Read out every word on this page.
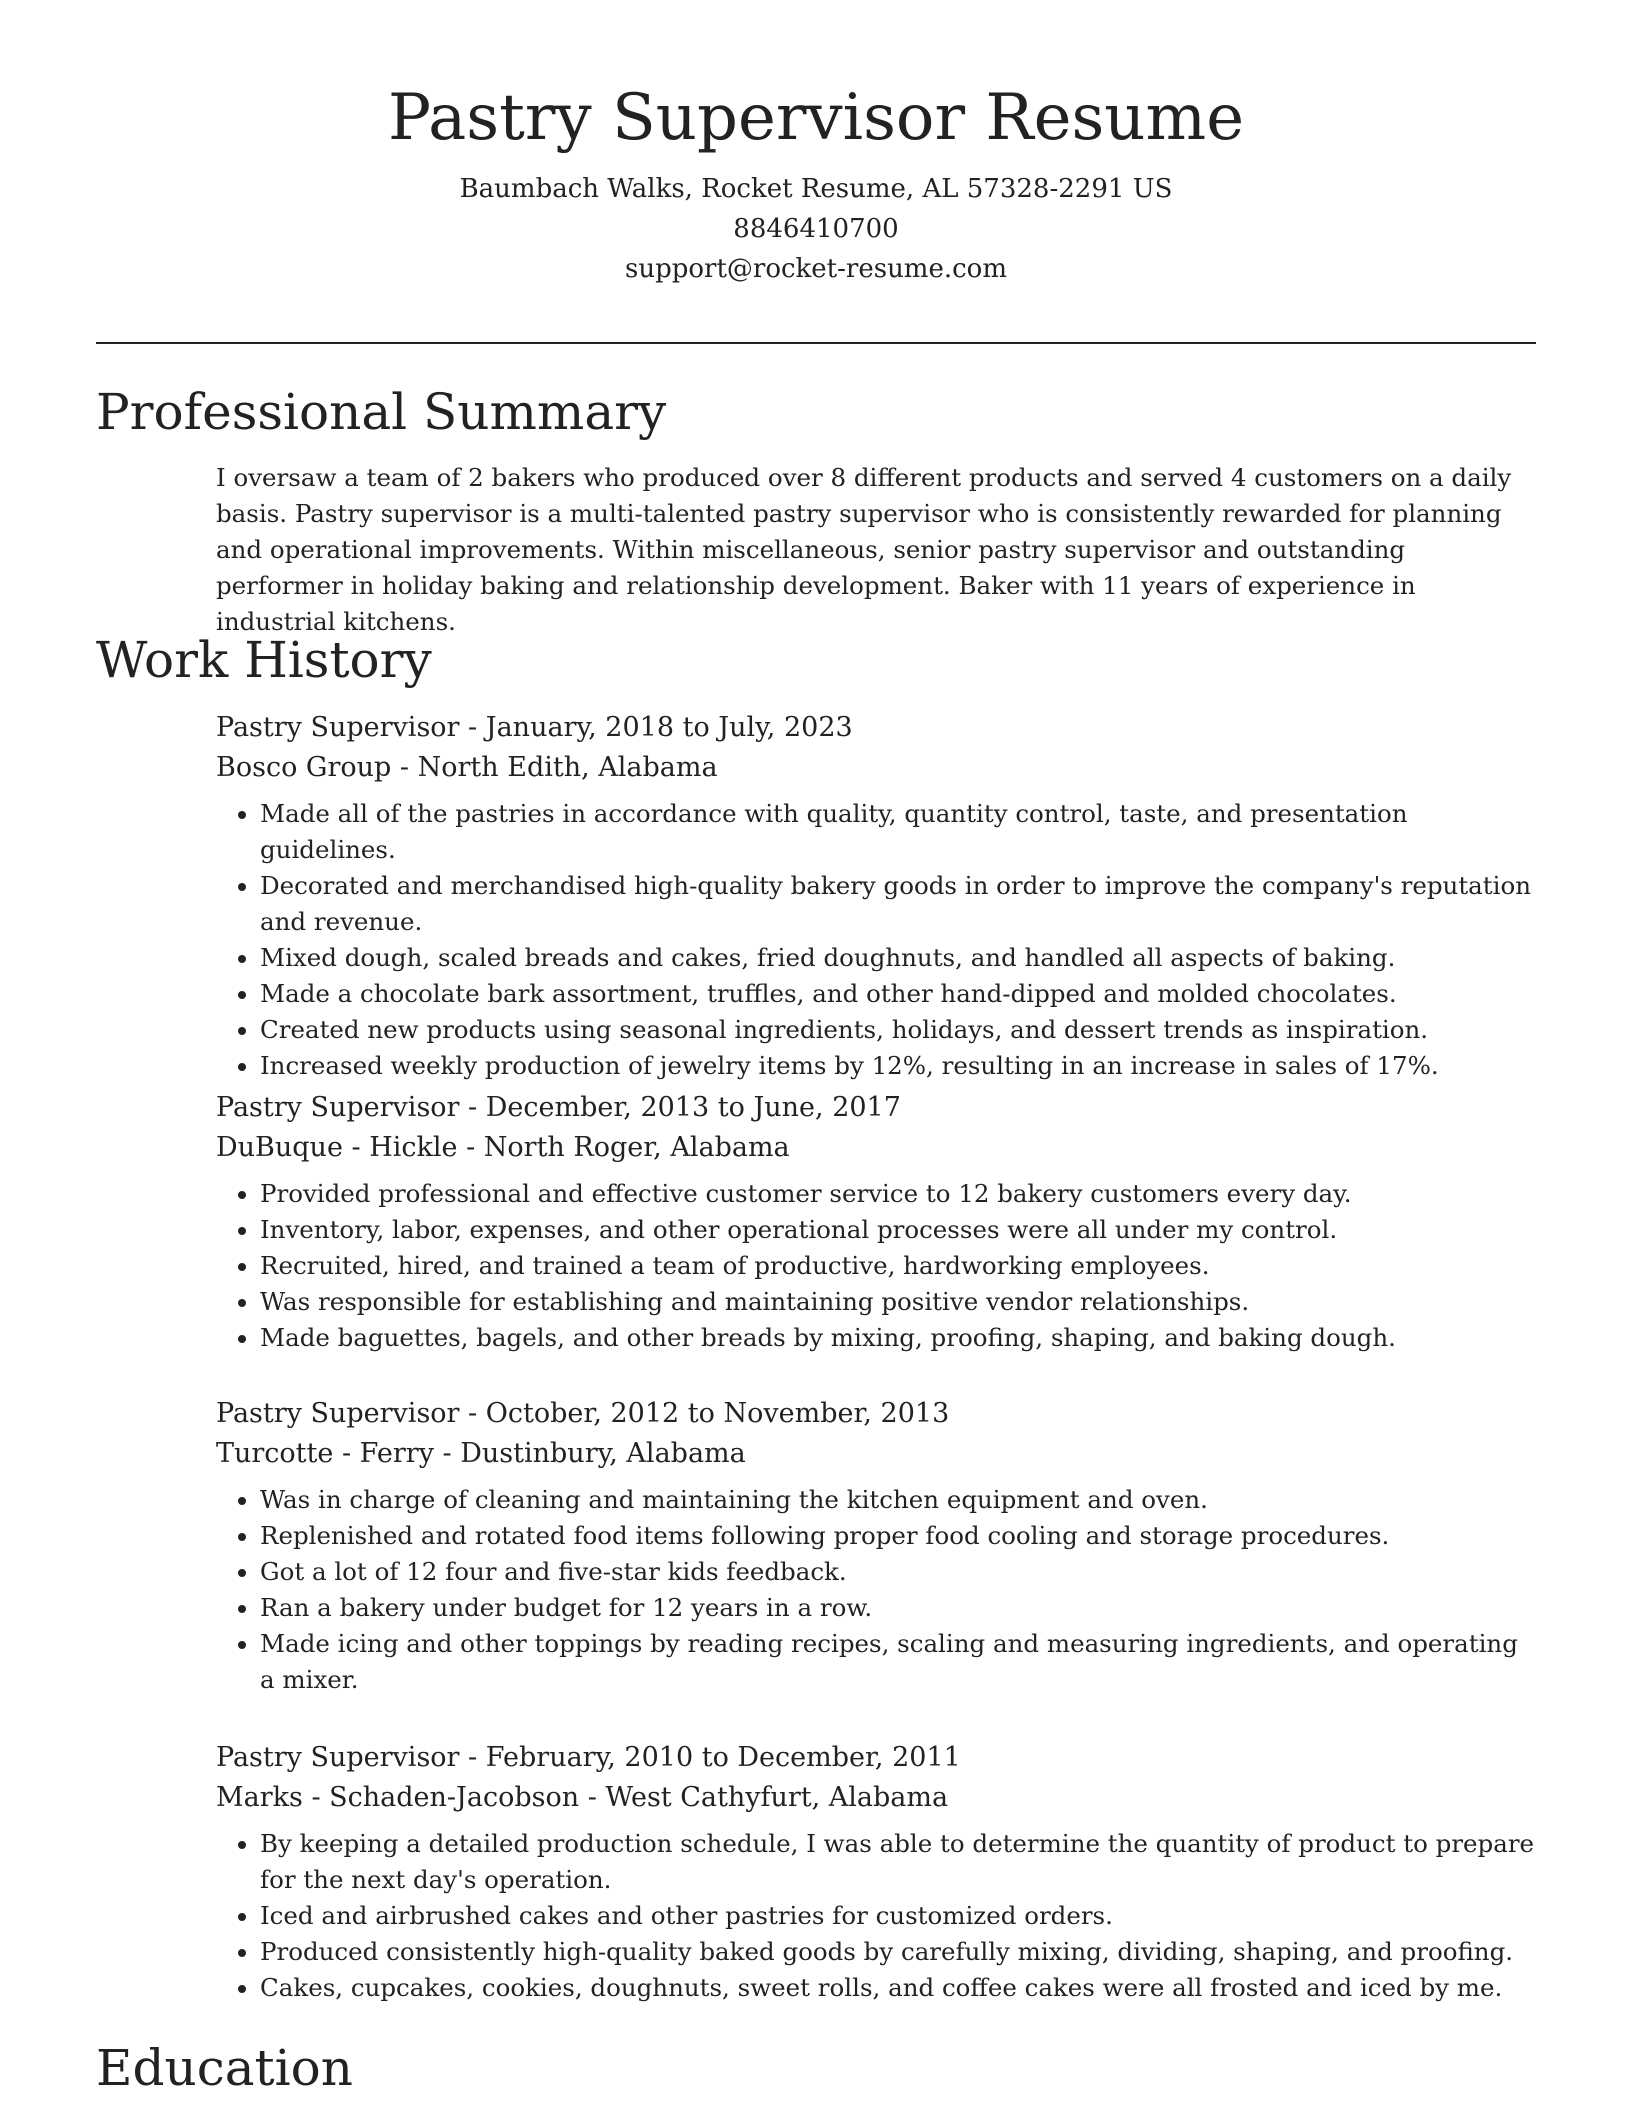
Pastry Supervisor Resume
Baumbach Walks, Rocket Resume, AL 57328-2291 US
8846410700
support@rocket-resume.com
Professional Summary

I oversaw a team of 2 bakers who produced over 8 different products and served 4 customers on a daily basis. Pastry supervisor is a multi-talented pastry supervisor who is consistently rewarded for planning and operational improvements. Within miscellaneous, senior pastry supervisor and outstanding performer in holiday baking and relationship development. Baker with 11 years of experience in industrial kitchens.

Work History
Pastry Supervisor - January, 2018 to July, 2023
Bosco Group - North Edith, Alabama
• Made all of the pastries in accordance with quality, quantity control, taste, and presentation guidelines.
• Decorated and merchandised high-quality bakery goods in order to improve the company's reputation and revenue.
• Mixed dough, scaled breads and cakes, fried doughnuts, and handled all aspects of baking.
• Made a chocolate bark assortment, truffles, and other hand-dipped and molded chocolates.
• Created new products using seasonal ingredients, holidays, and dessert trends as inspiration.
• Increased weekly production of jewelry items by 12%, resulting in an increase in sales of 17%.
Pastry Supervisor - December, 2013 to June, 2017
DuBuque - Hickle - North Roger, Alabama
• Provided professional and effective customer service to 12 bakery customers every day.
• Inventory, labor, expenses, and other operational processes were all under my control.
• Recruited, hired, and trained a team of productive, hardworking employees.
• Was responsible for establishing and maintaining positive vendor relationships.
• Made baguettes, bagels, and other breads by mixing, proofing, shaping, and baking dough.
Pastry Supervisor - October, 2012 to November, 2013
Turcotte - Ferry - Dustinbury, Alabama
• Was in charge of cleaning and maintaining the kitchen equipment and oven.
• Replenished and rotated food items following proper food cooling and storage procedures.
• Got a lot of 12 four and five-star kids feedback.
• Ran a bakery under budget for 12 years in a row.
• Made icing and other toppings by reading recipes, scaling and measuring ingredients, and operating a mixer.
Pastry Supervisor - February, 2010 to December, 2011
Marks - Schaden-Jacobson - West Cathyfurt, Alabama
• By keeping a detailed production schedule, I was able to determine the quantity of product to prepare for the next day's operation.
• Iced and airbrushed cakes and other pastries for customized orders.
• Produced consistently high-quality baked goods by carefully mixing, dividing, shaping, and proofing.
• Cakes, cupcakes, cookies, doughnuts, sweet rolls, and coffee cakes were all frosted and iced by me.
Education
